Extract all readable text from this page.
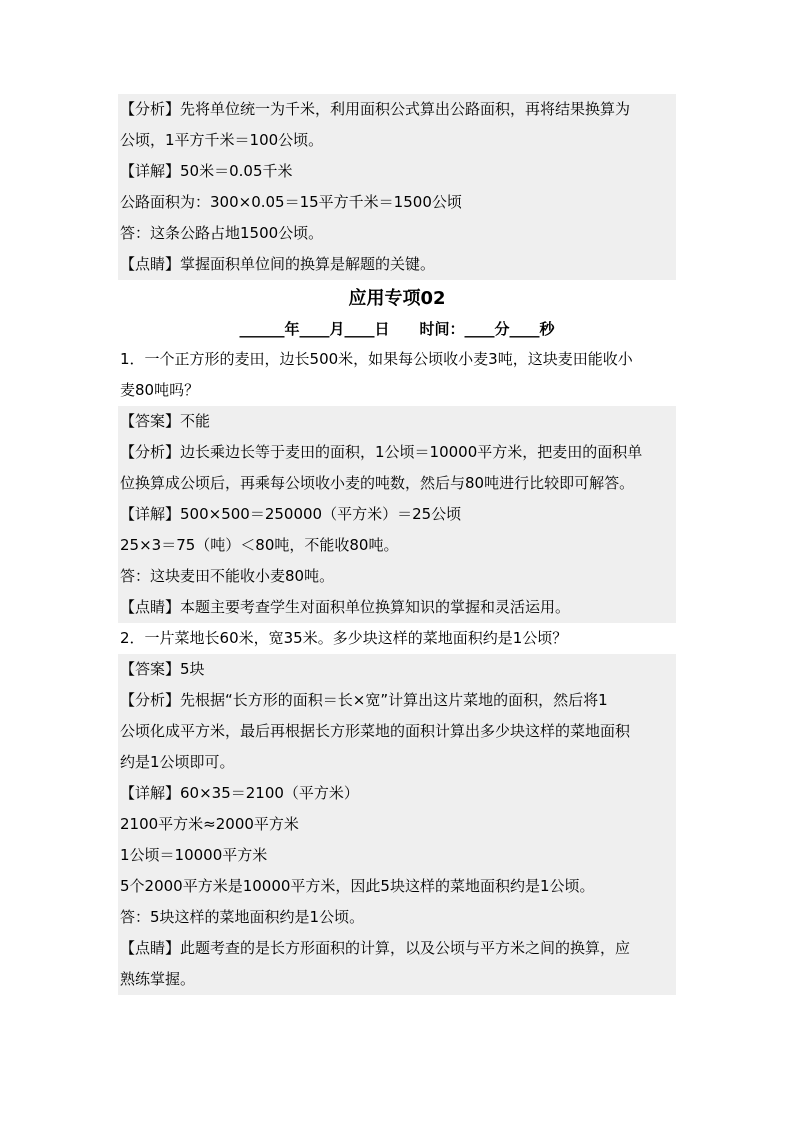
【分析】先将单位统一为千米，利用面积公式算出公路面积，再将结果换算为
公顷，1平方千米＝100公顷。
【详解】50米＝0.05千米
公路面积为：300×0.05＝15平方千米＝1500公顷
答：这条公路占地1500公顷。
【点睛】掌握面积单位间的换算是解题的关键。
应用专项02
______年____月____日　　时间：____分____秒
1．一个正方形的麦田，边长500米，如果每公顷收小麦3吨，这块麦田能收小
麦80吨吗？
【答案】不能
【分析】边长乘边长等于麦田的面积，1公顷＝10000平方米，把麦田的面积单
位换算成公顷后，再乘每公顷收小麦的吨数，然后与80吨进行比较即可解答。
【详解】500×500＝250000（平方米）＝25公顷
25×3＝75（吨）＜80吨，不能收80吨。
答：这块麦田不能收小麦80吨。
【点睛】本题主要考查学生对面积单位换算知识的掌握和灵活运用。
2．一片菜地长60米，宽35米。多少块这样的菜地面积约是1公顷？
【答案】5块
【分析】先根据“长方形的面积＝长×宽”计算出这片菜地的面积，然后将1
公顷化成平方米，最后再根据长方形菜地的面积计算出多少块这样的菜地面积
约是1公顷即可。
【详解】60×35＝2100（平方米）
2100平方米≈2000平方米
1公顷＝10000平方米
5个2000平方米是10000平方米，因此5块这样的菜地面积约是1公顷。
答：5块这样的菜地面积约是1公顷。
【点睛】此题考查的是长方形面积的计算，以及公顷与平方米之间的换算，应
熟练掌握。
